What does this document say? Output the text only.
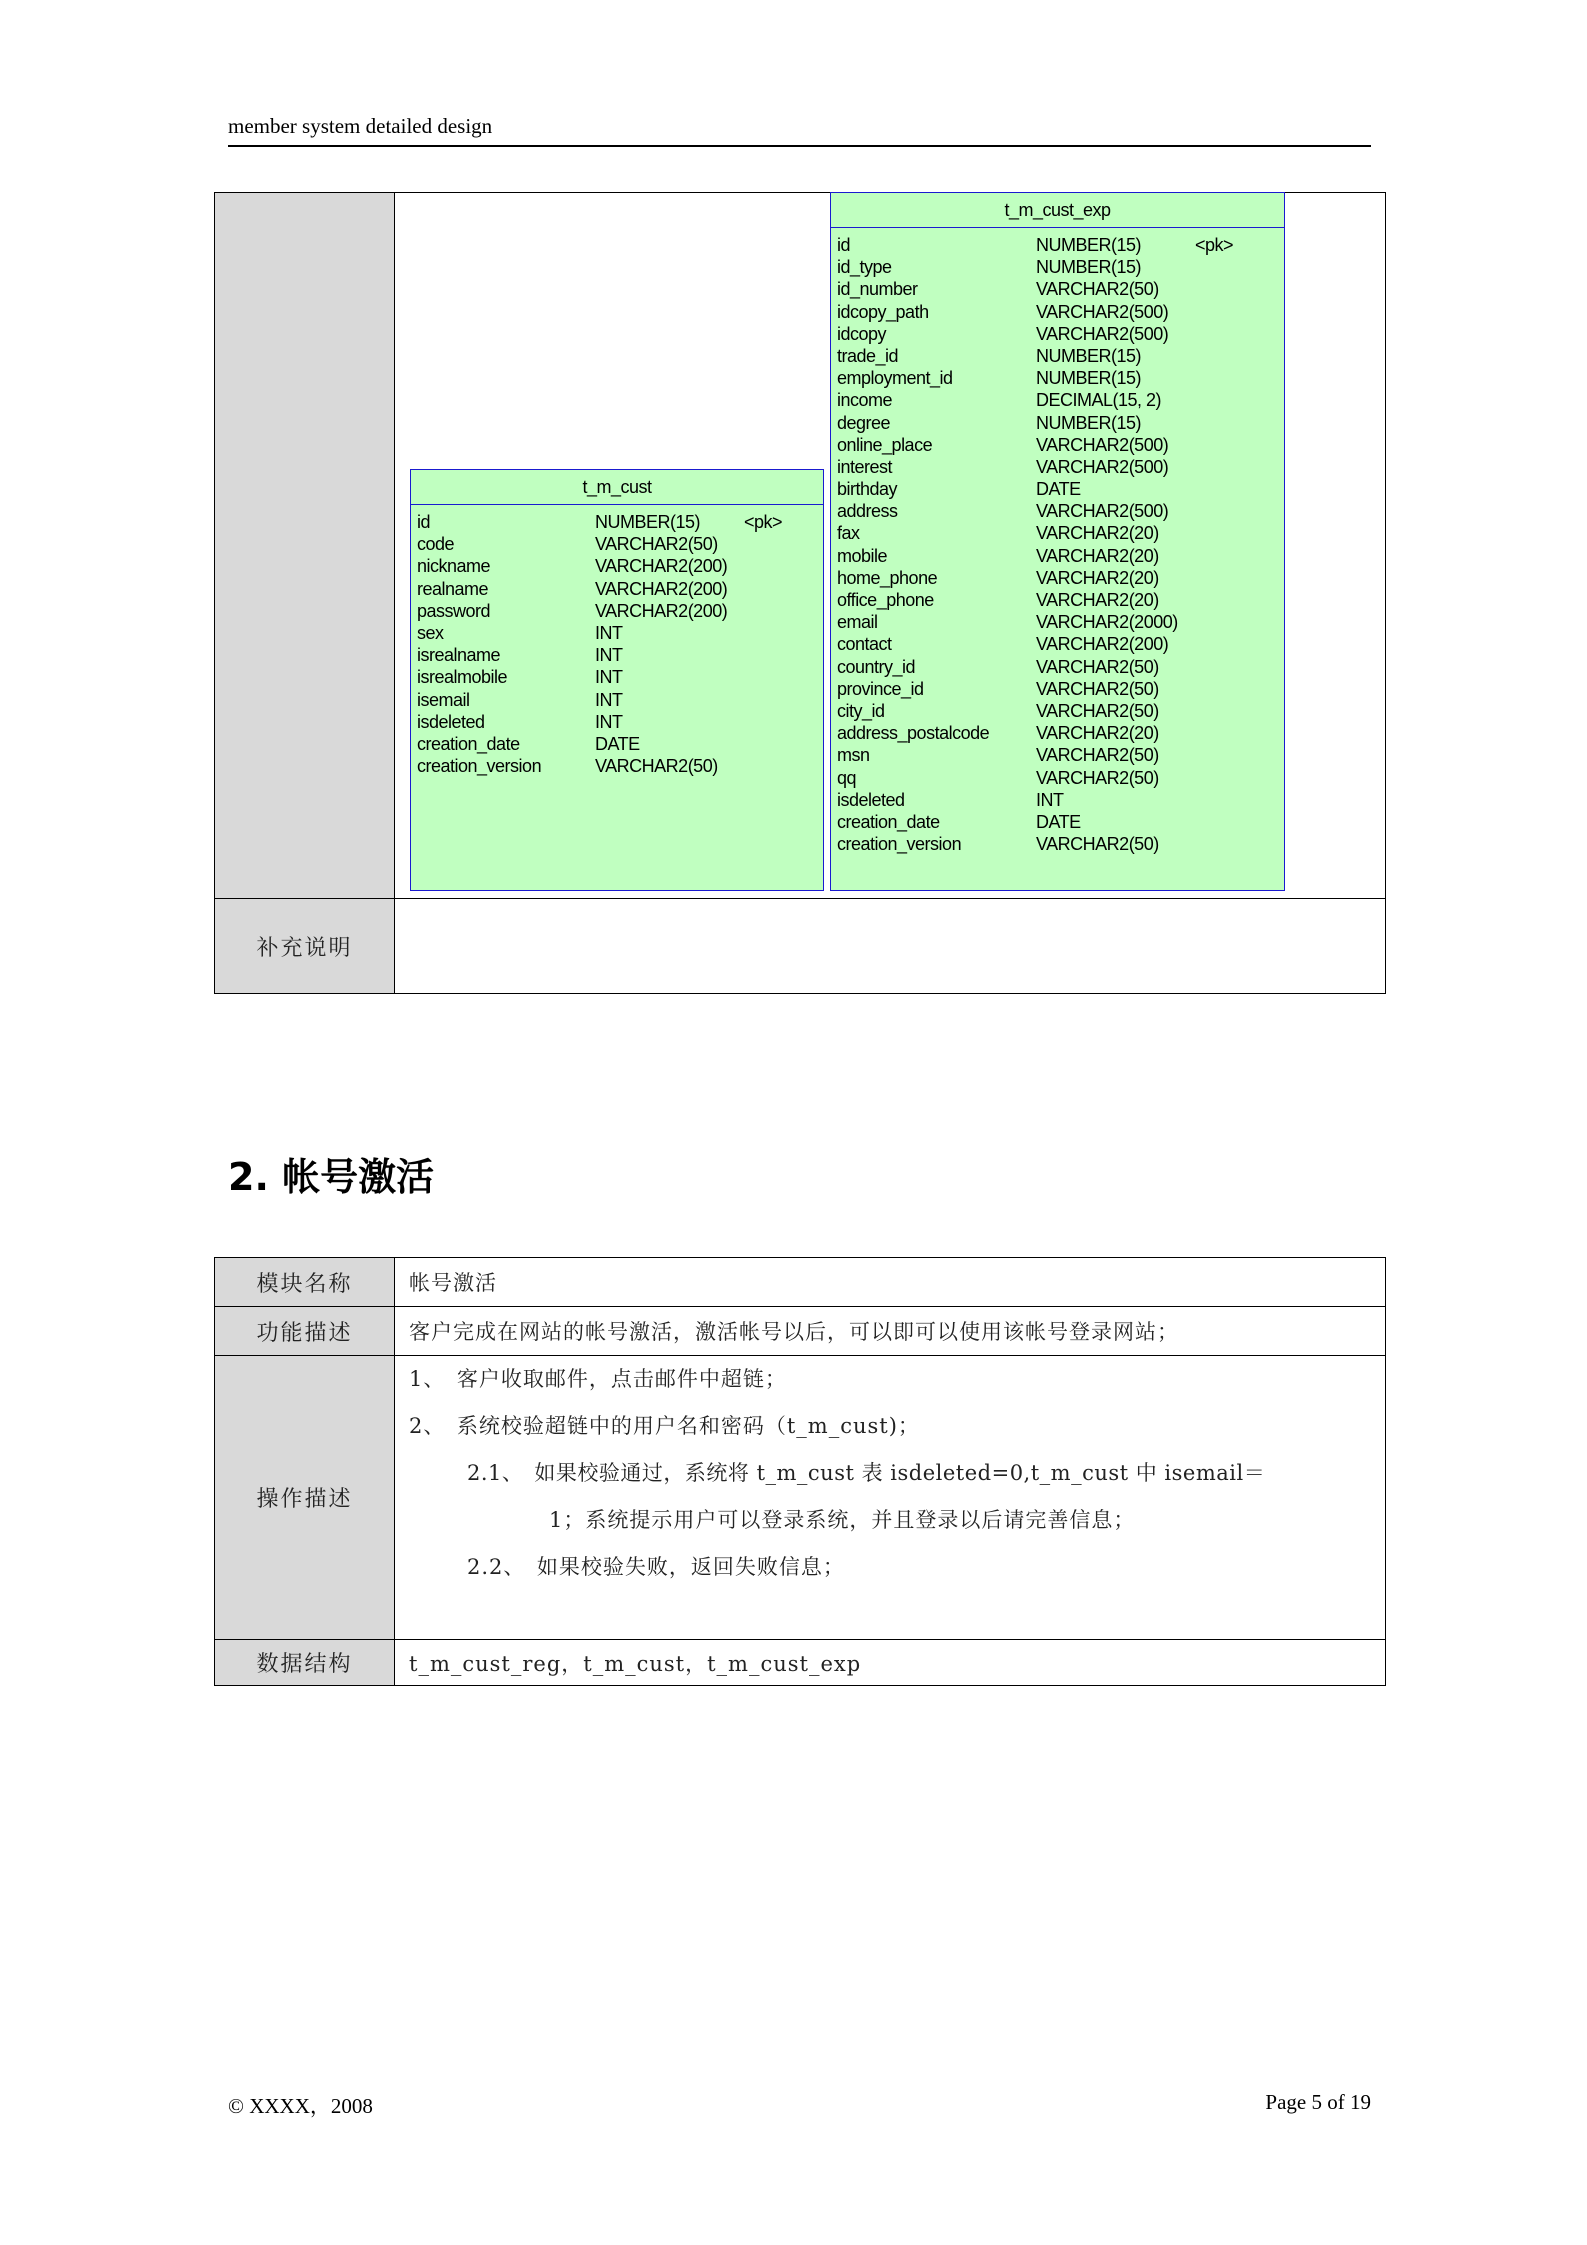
member system detailed design

补充说明	
t_m_cust
id	NUMBER(15) <pk>
code	VARCHAR2(50)
nickname	VARCHAR2(200)
realname	VARCHAR2(200)
password	VARCHAR2(200)
sex	INT
isrealname	INT
isrealmobile	INT
isemail	INT
isdeleted	INT
creation_date	DATE
creation_version	VARCHAR2(50)
t_m_cust_exp
id	NUMBER(15)	<pk>
id_type	NUMBER(15)
id_number	VARCHAR2(50)
idcopy_path	VARCHAR2(500)
idcopy	VARCHAR2(500)
trade_id	NUMBER(15)
employment_id	NUMBER(15)
income	DECIMAL(15, 2)
degree	NUMBER(15)
online_place	VARCHAR2(500)
interest	VARCHAR2(500)
birthday	DATE
address	VARCHAR2(500)
fax	VARCHAR2(20)
mobile	VARCHAR2(20)
home_phone	VARCHAR2(20)
office_phone	VARCHAR2(20)
email	VARCHAR2(2000)
contact	VARCHAR2(200)
country_id	VARCHAR2(50)
province_id	VARCHAR2(50)
city_id	VARCHAR2(50)
address_postalcode	VARCHAR2(20)
msn	VARCHAR2(50)
qq	VARCHAR2(50)
isdeleted	INT
creation_date	DATE
creation_version	VARCHAR2(50)
2. 帐号激活
模块名称	帐号激活
功能描述	客户完成在网站的帐号激活，激活帐号以后，可以即可以使用该帐号登录网站；
操作描述	1、　客户收取邮件，点击邮件中超链；
2、　系统校验超链中的用户名和密码（t_m_cust)；
2.1、　如果校验通过，系统将 t_m_cust 表 isdeleted=0,t_m_cust 中 isemail＝
1；系统提示用户可以登录系统，并且登录以后请完善信息；
2.2、　如果校验失败，返回失败信息；

数据结构	t_m_cust_reg，t_m_cust，t_m_cust_exp
© XXXX，2008	Page 5 of 19
